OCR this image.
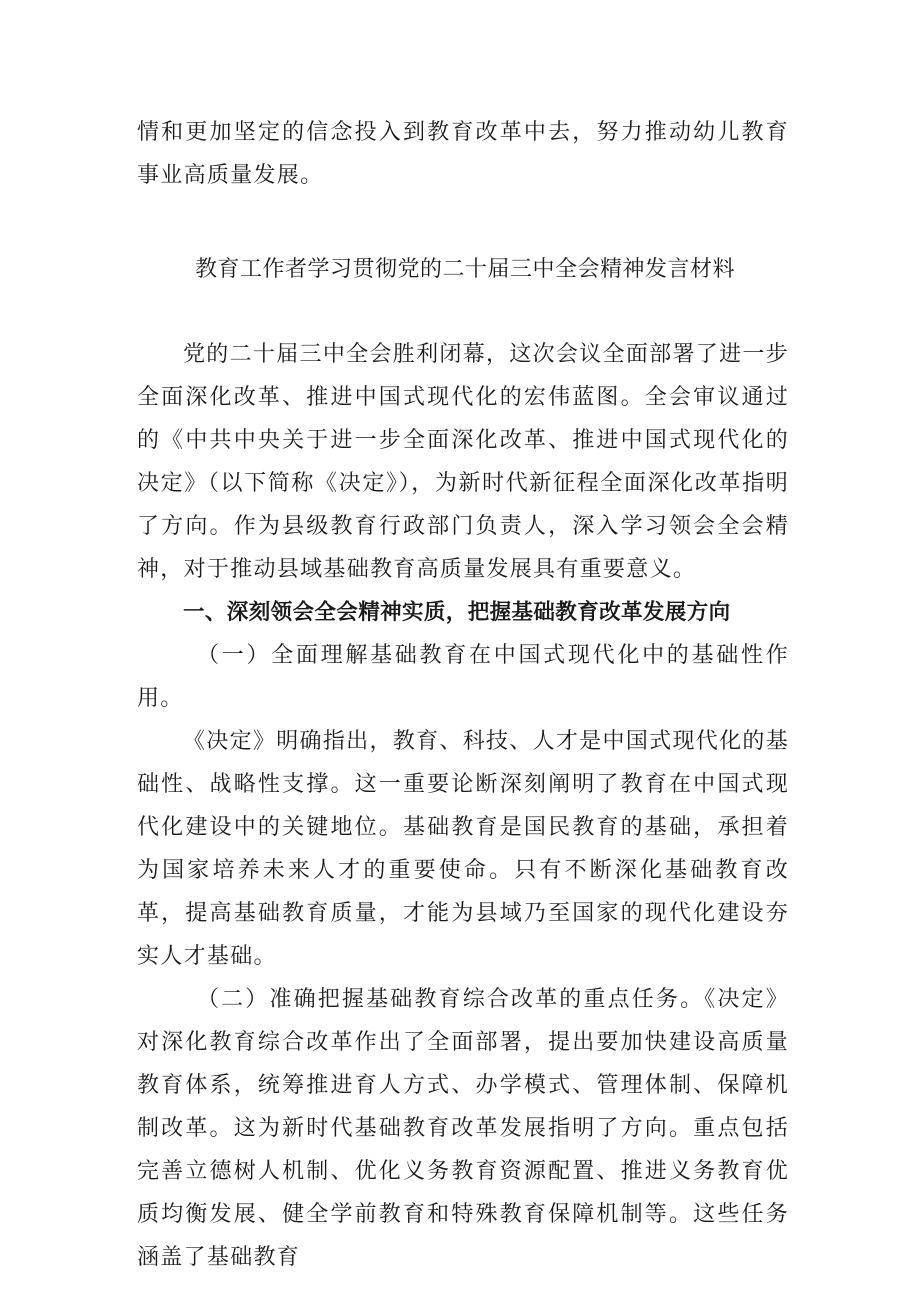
情和更加坚定的信念投入到教育改革中去，努力推动幼儿教育事业高质量发展。

党的二十届三中全会胜利闭幕，这次会议全面部署了进一步全面深化改革、推进中国式现代化的宏伟蓝图。全会审议通过的《中共中央关于进一步全面深化改革、推进中国式现代化的决定》（以下简称《决定》），为新时代新征程全面深化改革指明了方向。作为县级教育行政部门负责人，深入学习领会全会精神，对于推动县域基础教育高质量发展具有重要意义。

一、深刻领会全会精神实质，把握基础教育改革发展方向

（一）全面理解基础教育在中国式现代化中的基础性作用。

《决定》明确指出，教育、科技、人才是中国式现代化的基础性、战略性支撑。这一重要论断深刻阐明了教育在中国式现代化建设中的关键地位。基础教育是国民教育的基础，承担着为国家培养未来人才的重要使命。只有不断深化基础教育改革，提高基础教育质量，才能为县域乃至国家的现代化建设夯实人才基础。

（二）准确把握基础教育综合改革的重点任务。《决定》对深化教育综合改革作出了全面部署，提出要加快建设高质量教育体系，统筹推进育人方式、办学模式、管理体制、保障机制改革。这为新时代基础教育改革发展指明了方向。重点包括完善立德树人机制、优化义务教育资源配置、推进义务教育优质均衡发展、健全学前教育和特殊教育保障机制等。这些任务涵盖了基础教育

教育工作者学习贯彻党的二十届三中全会精神发言材料
